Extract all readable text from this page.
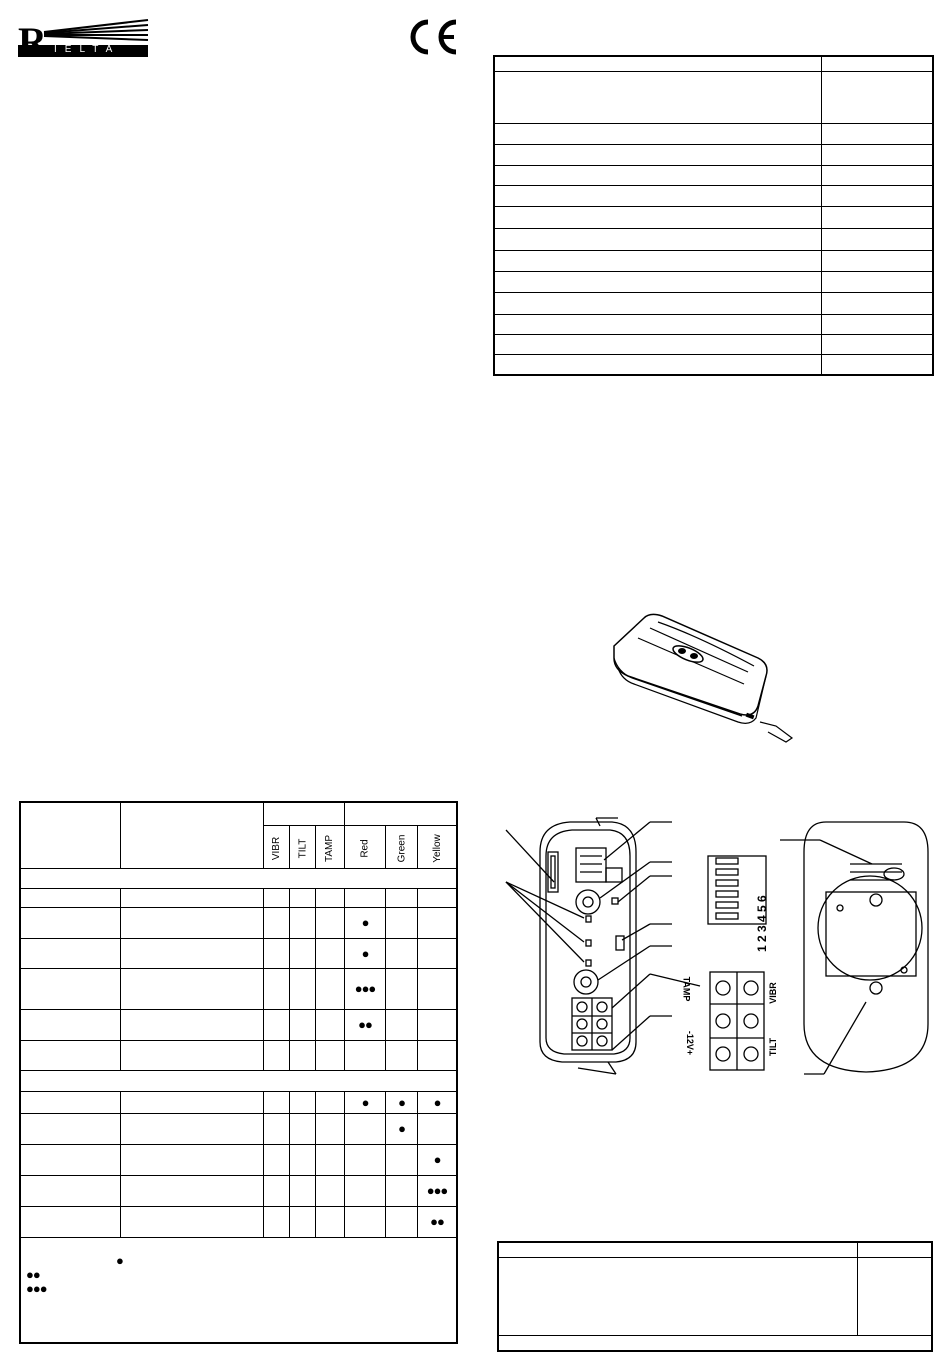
R IELTA

		VIBR	TILT	TAMP	Red	Green	Yellow

					●		
					●		
					●●●		
					●●		

					●	●	●
						●	
							●
							●●●
							●●

●
●●
●●●							
1 2 3 4 5 6
TAMP
-12V+
VIBR
TILT
